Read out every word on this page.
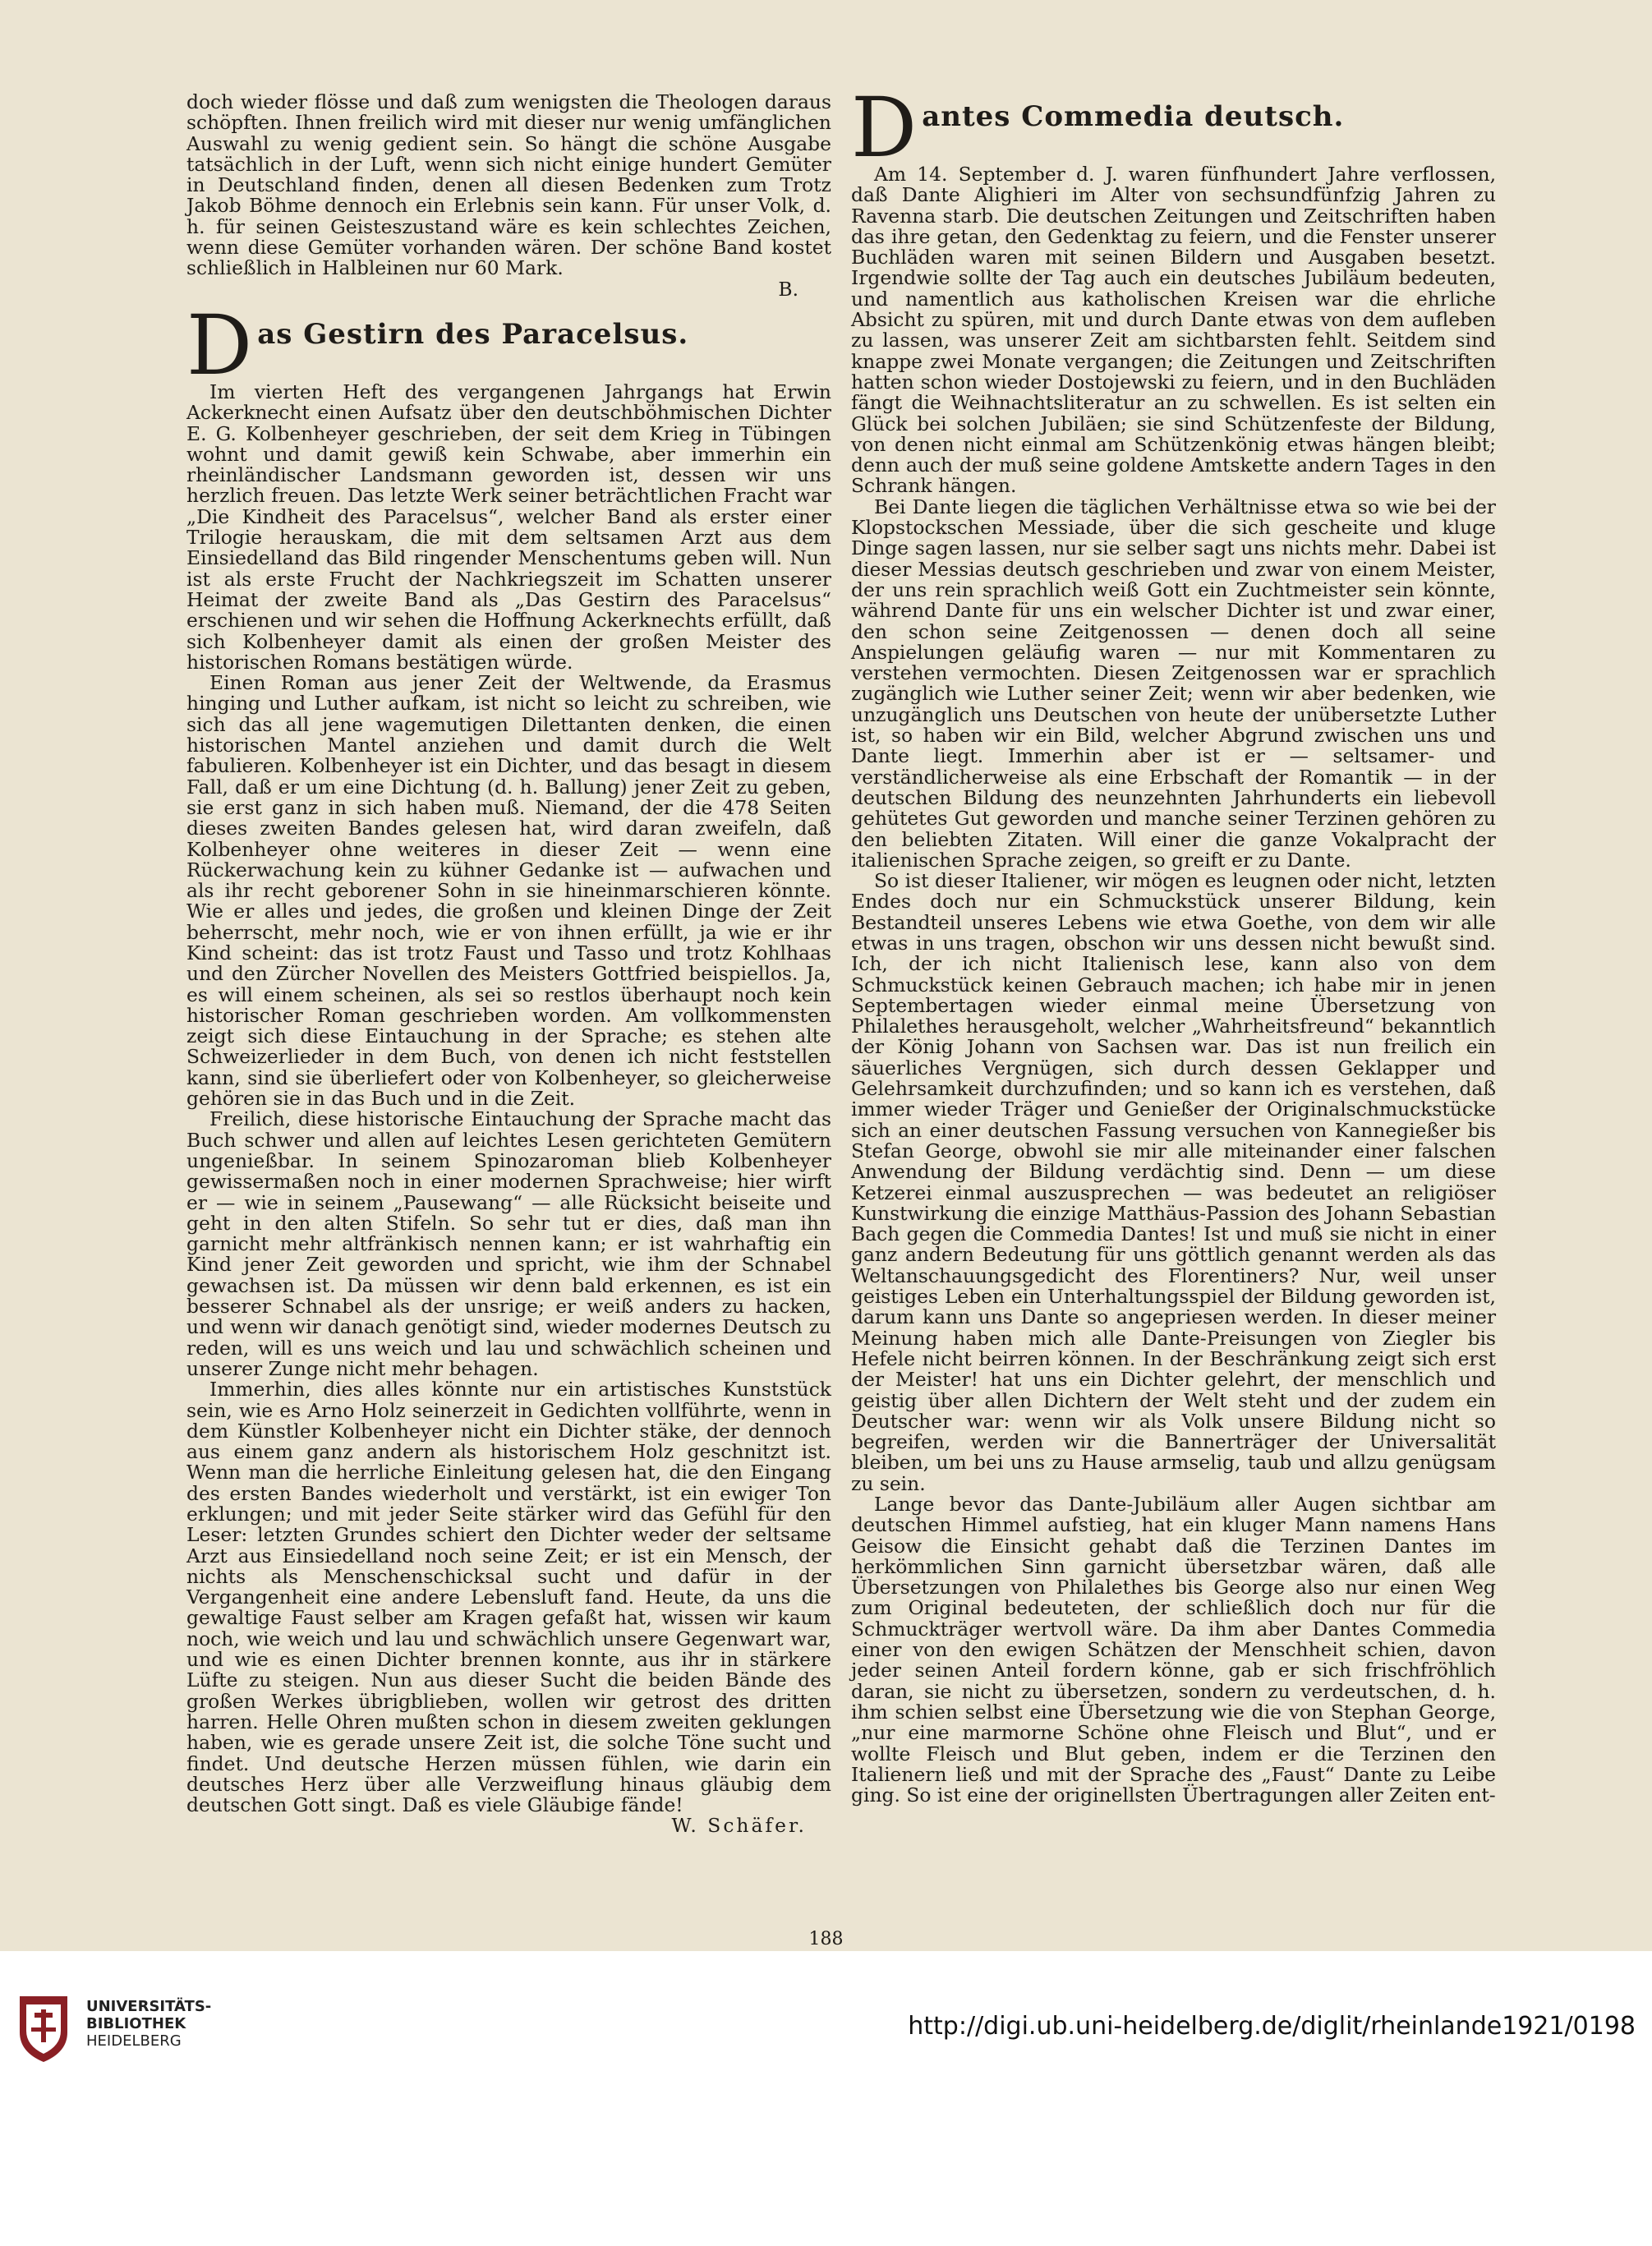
doch wieder flösse und daß zum wenigsten die Theologen daraus schöpften. Ihnen freilich wird mit dieser nur wenig umfänglichen Auswahl zu wenig gedient sein. So hängt die schöne Ausgabe tatsächlich in der Luft, wenn sich nicht einige hundert Gemüter in Deutschland finden, denen all diesen Bedenken zum Trotz Jakob Böhme dennoch ein Erlebnis sein kann. Für unser Volk, d. h. für seinen Geisteszustand wäre es kein schlechtes Zeichen, wenn diese Gemüter vorhanden wären. Der schöne Band kostet schließlich in Halbleinen nur 60 Mark.

B.
D as Gestirn des Paracelsus.

Im vierten Heft des vergangenen Jahrgangs hat Erwin Ackerknecht einen Aufsatz über den deutschböhmischen Dichter E. G. Kolbenheyer geschrieben, der seit dem Krieg in Tübingen wohnt und damit gewiß kein Schwabe, aber immerhin ein rheinländischer Landsmann geworden ist, dessen wir uns herzlich freuen. Das letzte Werk seiner beträchtlichen Fracht war „Die Kindheit des Paracelsus“, welcher Band als erster einer Trilogie herauskam, die mit dem seltsamen Arzt aus dem Einsiedelland das Bild ringender Menschentums geben will. Nun ist als erste Frucht der Nachkriegszeit im Schatten unserer Heimat der zweite Band als „Das Gestirn des Paracelsus“ erschienen und wir sehen die Hoffnung Ackerknechts erfüllt, daß sich Kolbenheyer damit als einen der großen Meister des historischen Romans bestätigen würde.

Einen Roman aus jener Zeit der Weltwende, da Erasmus hinging und Luther aufkam, ist nicht so leicht zu schreiben, wie sich das all jene wagemutigen Dilettanten denken, die einen historischen Mantel anziehen und damit durch die Welt fabulieren. Kolbenheyer ist ein Dichter, und das besagt in diesem Fall, daß er um eine Dichtung (d. h. Ballung) jener Zeit zu geben, sie erst ganz in sich haben muß. Niemand, der die 478 Seiten dieses zweiten Bandes gelesen hat, wird daran zweifeln, daß Kolbenheyer ohne weiteres in dieser Zeit — wenn eine Rückerwachung kein zu kühner Gedanke ist — aufwachen und als ihr recht geborener Sohn in sie hineinmarschieren könnte. Wie er alles und jedes, die großen und kleinen Dinge der Zeit beherrscht, mehr noch, wie er von ihnen erfüllt, ja wie er ihr Kind scheint: das ist trotz Faust und Tasso und trotz Kohlhaas und den Zürcher Novellen des Meisters Gottfried beispiellos. Ja, es will einem scheinen, als sei so restlos überhaupt noch kein historischer Roman geschrieben worden. Am vollkommensten zeigt sich diese Eintauchung in der Sprache; es stehen alte Schweizerlieder in dem Buch, von denen ich nicht feststellen kann, sind sie überliefert oder von Kolbenheyer, so gleicherweise gehören sie in das Buch und in die Zeit.

Freilich, diese historische Eintauchung der Sprache macht das Buch schwer und allen auf leichtes Lesen gerichteten Gemütern ungenießbar. In seinem Spinozaroman blieb Kolbenheyer gewissermaßen noch in einer modernen Sprachweise; hier wirft er — wie in seinem „Pausewang“ — alle Rücksicht beiseite und geht in den alten Stifeln. So sehr tut er dies, daß man ihn garnicht mehr altfränkisch nennen kann; er ist wahrhaftig ein Kind jener Zeit geworden und spricht, wie ihm der Schnabel gewachsen ist. Da müssen wir denn bald erkennen, es ist ein besserer Schnabel als der unsrige; er weiß anders zu hacken, und wenn wir danach genötigt sind, wieder modernes Deutsch zu reden, will es uns weich und lau und schwächlich scheinen und unserer Zunge nicht mehr behagen.

Immerhin, dies alles könnte nur ein artistisches Kunststück sein, wie es Arno Holz seinerzeit in Gedichten vollführte, wenn in dem Künstler Kolbenheyer nicht ein Dichter stäke, der dennoch aus einem ganz andern als historischem Holz geschnitzt ist. Wenn man die herrliche Einleitung gelesen hat, die den Eingang des ersten Bandes wiederholt und verstärkt, ist ein ewiger Ton erklungen; und mit jeder Seite stärker wird das Gefühl für den Leser: letzten Grundes schiert den Dichter weder der seltsame Arzt aus Einsiedelland noch seine Zeit; er ist ein Mensch, der nichts als Menschenschicksal sucht und dafür in der Vergangenheit eine andere Lebensluft fand. Heute, da uns die gewaltige Faust selber am Kragen gefaßt hat, wissen wir kaum noch, wie weich und lau und schwächlich unsere Gegenwart war, und wie es einen Dichter brennen konnte, aus ihr in stärkere Lüfte zu steigen. Nun aus dieser Sucht die beiden Bände des großen Werkes übrigblieben, wollen wir getrost des dritten harren. Helle Ohren mußten schon in diesem zweiten geklungen haben, wie es gerade unsere Zeit ist, die solche Töne sucht und findet. Und deutsche Herzen müssen fühlen, wie darin ein deutsches Herz über alle Verzweiflung hinaus gläubig dem deutschen Gott singt. Daß es viele Gläubige fände!

W. Schäfer.
D antes Commedia deutsch.

Am 14. September d. J. waren fünfhundert Jahre verflossen, daß Dante Alighieri im Alter von sechsundfünfzig Jahren zu Ravenna starb. Die deutschen Zeitungen und Zeitschriften haben das ihre getan, den Gedenktag zu feiern, und die Fenster unserer Buchläden waren mit seinen Bildern und Ausgaben besetzt. Irgendwie sollte der Tag auch ein deutsches Jubiläum bedeuten, und namentlich aus katholischen Kreisen war die ehrliche Absicht zu spüren, mit und durch Dante etwas von dem aufleben zu lassen, was unserer Zeit am sichtbarsten fehlt. Seitdem sind knappe zwei Monate vergangen; die Zeitungen und Zeitschriften hatten schon wieder Dostojewski zu feiern, und in den Buchläden fängt die Weihnachtsliteratur an zu schwellen. Es ist selten ein Glück bei solchen Jubiläen; sie sind Schützenfeste der Bildung, von denen nicht einmal am Schützenkönig etwas hängen bleibt; denn auch der muß seine goldene Amtskette andern Tages in den Schrank hängen.

Bei Dante liegen die täglichen Verhältnisse etwa so wie bei der Klopstockschen Messiade, über die sich gescheite und kluge Dinge sagen lassen, nur sie selber sagt uns nichts mehr. Dabei ist dieser Messias deutsch geschrieben und zwar von einem Meister, der uns rein sprachlich weiß Gott ein Zuchtmeister sein könnte, während Dante für uns ein welscher Dichter ist und zwar einer, den schon seine Zeitgenossen — denen doch all seine Anspielungen geläufig waren — nur mit Kommentaren zu verstehen vermochten. Diesen Zeitgenossen war er sprachlich zugänglich wie Luther seiner Zeit; wenn wir aber bedenken, wie unzugänglich uns Deutschen von heute der unübersetzte Luther ist, so haben wir ein Bild, welcher Abgrund zwischen uns und Dante liegt. Immerhin aber ist er — seltsamer- und verständlicherweise als eine Erbschaft der Romantik — in der deutschen Bildung des neunzehnten Jahrhunderts ein liebevoll gehütetes Gut geworden und manche seiner Terzinen gehören zu den beliebten Zitaten. Will einer die ganze Vokalpracht der italienischen Sprache zeigen, so greift er zu Dante.

So ist dieser Italiener, wir mögen es leugnen oder nicht, letzten Endes doch nur ein Schmuckstück unserer Bildung, kein Bestandteil unseres Lebens wie etwa Goethe, von dem wir alle etwas in uns tragen, obschon wir uns dessen nicht bewußt sind. Ich, der ich nicht Italienisch lese, kann also von dem Schmuckstück keinen Gebrauch machen; ich habe mir in jenen Septembertagen wieder einmal meine Übersetzung von Philalethes herausgeholt, welcher „Wahrheitsfreund“ bekanntlich der König Johann von Sachsen war. Das ist nun freilich ein säuerliches Vergnügen, sich durch dessen Geklapper und Gelehrsamkeit durchzufinden; und so kann ich es verstehen, daß immer wieder Träger und Genießer der Originalschmuckstücke sich an einer deutschen Fassung versuchen von Kannegießer bis Stefan George, obwohl sie mir alle miteinander einer falschen Anwendung der Bildung verdächtig sind. Denn — um diese Ketzerei einmal auszusprechen — was bedeutet an religiöser Kunstwirkung die einzige Matthäus-Passion des Johann Sebastian Bach gegen die Commedia Dantes! Ist und muß sie nicht in einer ganz andern Bedeutung für uns göttlich genannt werden als das Weltanschauungsgedicht des Florentiners? Nur, weil unser geistiges Leben ein Unterhaltungsspiel der Bildung geworden ist, darum kann uns Dante so angepriesen werden. In dieser meiner Meinung haben mich alle Dante-Preisungen von Ziegler bis Hefele nicht beirren können. In der Beschränkung zeigt sich erst der Meister! hat uns ein Dichter gelehrt, der menschlich und geistig über allen Dichtern der Welt steht und der zudem ein Deutscher war: wenn wir als Volk unsere Bildung nicht so begreifen, werden wir die Bannerträger der Universalität bleiben, um bei uns zu Hause armselig, taub und allzu genügsam zu sein.

Lange bevor das Dante-Jubiläum aller Augen sichtbar am deutschen Himmel aufstieg, hat ein kluger Mann namens Hans Geisow die Einsicht gehabt daß die Terzinen Dantes im herkömmlichen Sinn garnicht übersetzbar wären, daß alle Übersetzungen von Philalethes bis George also nur einen Weg zum Original bedeuteten, der schließlich doch nur für die Schmuckträger wertvoll wäre. Da ihm aber Dantes Commedia einer von den ewigen Schätzen der Menschheit schien, davon jeder seinen Anteil fordern könne, gab er sich frischfröhlich daran, sie nicht zu übersetzen, sondern zu verdeutschen, d. h. ihm schien selbst eine Übersetzung wie die von Stephan George, „nur eine marmorne Schöne ohne Fleisch und Blut“, und er wollte Fleisch und Blut geben, indem er die Terzinen den Italienern ließ und mit der Sprache des „Faust“ Dante zu Leibe ging. So ist eine der originellsten Übertragungen aller Zeiten ent-

188
UNIVERSITÄTS-
BIBLIOTHEK
HEIDELBERG
http://digi.ub.uni-heidelberg.de/diglit/rheinlande1921/0198
